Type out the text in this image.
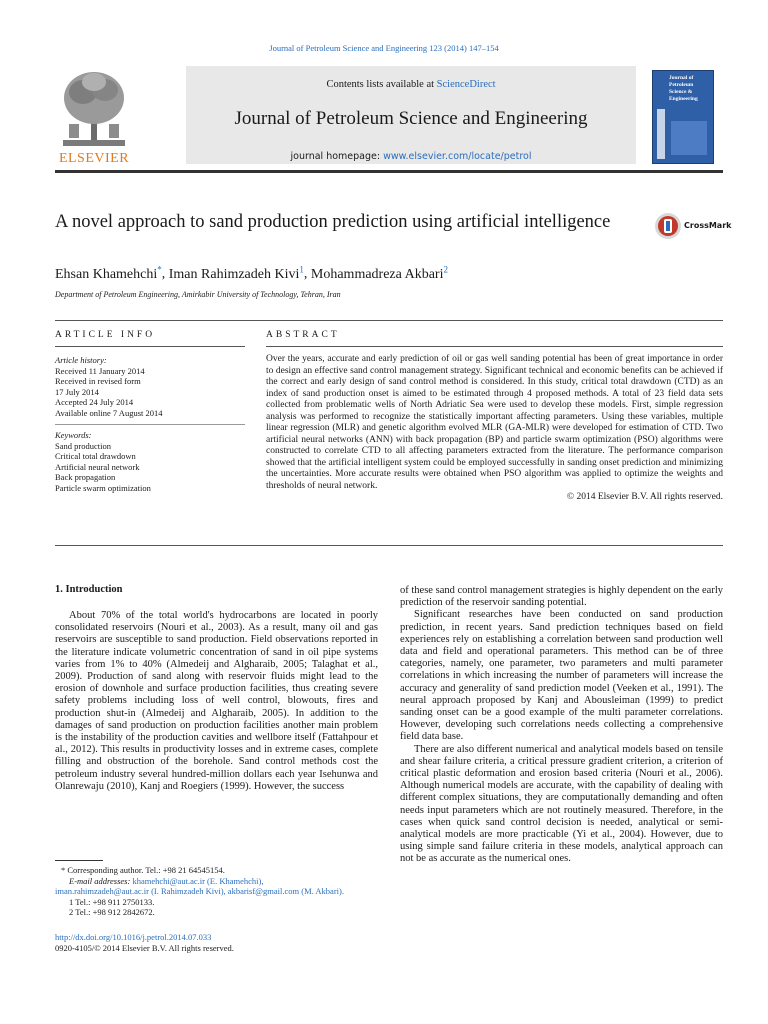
Journal of Petroleum Science and Engineering 123 (2014) 147–154
ELSEVIER
Contents lists available at ScienceDirect
Journal of Petroleum Science and Engineering
journal homepage: www.elsevier.com/locate/petrol
Journal of
Petroleum
Science &
Engineering
A novel approach to sand production prediction using artificial intelligence	CrossMark
Ehsan Khamehchi*, Iman Rahimzadeh Kivi$^1$, Mohammadreza Akbari$^2$
Department of Petroleum Engineering, Amirkabir University of Technology, Tehran, Iran
ARTICLE INFO	ABSTRACT
Article history:
Received 11 January 2014
Received in revised form
17 July 2014
Accepted 24 July 2014
Available online 7 August 2014
Keywords:
Sand production
Critical total drawdown
Artificial neural network
Back propagation
Particle swarm optimization
Over the years, accurate and early prediction of oil or gas well sanding potential has been of great importance in order to design an effective sand control management strategy. Significant technical and economic benefits can be achieved if the correct and early design of sand control method is considered. In this study, critical total drawdown (CTD) as an index of sand production onset is aimed to be estimated through 4 proposed methods. A total of 23 field data sets collected from problematic wells of North Adriatic Sea were used to develop these models. First, simple regression analysis was performed to recognize the statistically important affecting parameters. Using these variables, multiple linear regression (MLR) and genetic algorithm evolved MLR (GA-MLR) were developed for estimation of CTD. Two artificial neural networks (ANN) with back propagation (BP) and particle swarm optimization (PSO) algorithms were constructed to correlate CTD to all affecting parameters extracted from the literature. The performance comparison showed that the artificial intelligent system could be employed successfully in sanding onset prediction and minimizing the uncertainties. More accurate results were obtained when PSO algorithm was applied to optimize the weights and thresholds of neural network.
© 2014 Elsevier B.V. All rights reserved.
1. Introduction

About 70% of the total world's hydrocarbons are located in poorly consolidated reservoirs (Nouri et al., 2003). As a result, many oil and gas reservoirs are susceptible to sand production. Field observations reported in the literature indicate volumetric concentration of sand in oil pipe systems varies from 1% to 40% (Almedeij and Algharaib, 2005; Talaghat et al., 2009). Production of sand along with reservoir fluids might lead to the erosion of downhole and surface production facilities, thus creating severe safety problems including loss of well control, blowouts, fires and production shut-in (Almedeij and Algharaib, 2005). In addition to the damages of sand production on production facilities another main problem is the instability of the production cavities and wellbore itself (Fattahpour et al., 2012). This results in productivity losses and in extreme cases, complete filling and obstruction of the borehole. Sand control methods cost the petroleum industry several hundred-million dollars each year Isehunwa and Olanrewaju (2010), Kanj and Roegiers (1999). However, the success

of these sand control management strategies is highly dependent on the early prediction of the reservoir sanding potential.

Significant researches have been conducted on sand production prediction, in recent years. Sand prediction techniques based on field experiences rely on establishing a correlation between sand production well data and field and operational parameters. This method can be of three categories, namely, one parameter, two parameters and multi parameter correlations in which increasing the number of parameters will increase the accuracy and generality of sand prediction model (Veeken et al., 1991). The neural approach proposed by Kanj and Abousleiman (1999) to predict sanding onset can be a good example of the multi parameter correlations. However, developing such correlations needs collecting a comprehensive field data base.

There are also different numerical and analytical models based on tensile and shear failure criteria, a critical pressure gradient criterion, a criterion of critical plastic deformation and erosion based criteria (Nouri et al., 2006). Although numerical models are accurate, with the capability of dealing with different complex situations, they are computationally demanding and often needs input parameters which are not routinely measured. Therefore, in the cases when quick sand control decision is needed, analytical or semi-analytical models are more practicable (Yi et al., 2004). However, due to using simple sand failure criteria in these models, analytical approach can not be as accurate as the numerical ones.

* Corresponding author. Tel.: +98 21 64545154.
E-mail addresses: khamehchi@aut.ac.ir (E. Khamehchi),
iman.rahimzadeh@aut.ac.ir (I. Rahimzadeh Kivi), akbarisf@gmail.com (M. Akbari).
1 Tel.: +98 911 2750133.
2 Tel.: +98 912 2842672.
http://dx.doi.org/10.1016/j.petrol.2014.07.033
0920-4105/© 2014 Elsevier B.V. All rights reserved.
